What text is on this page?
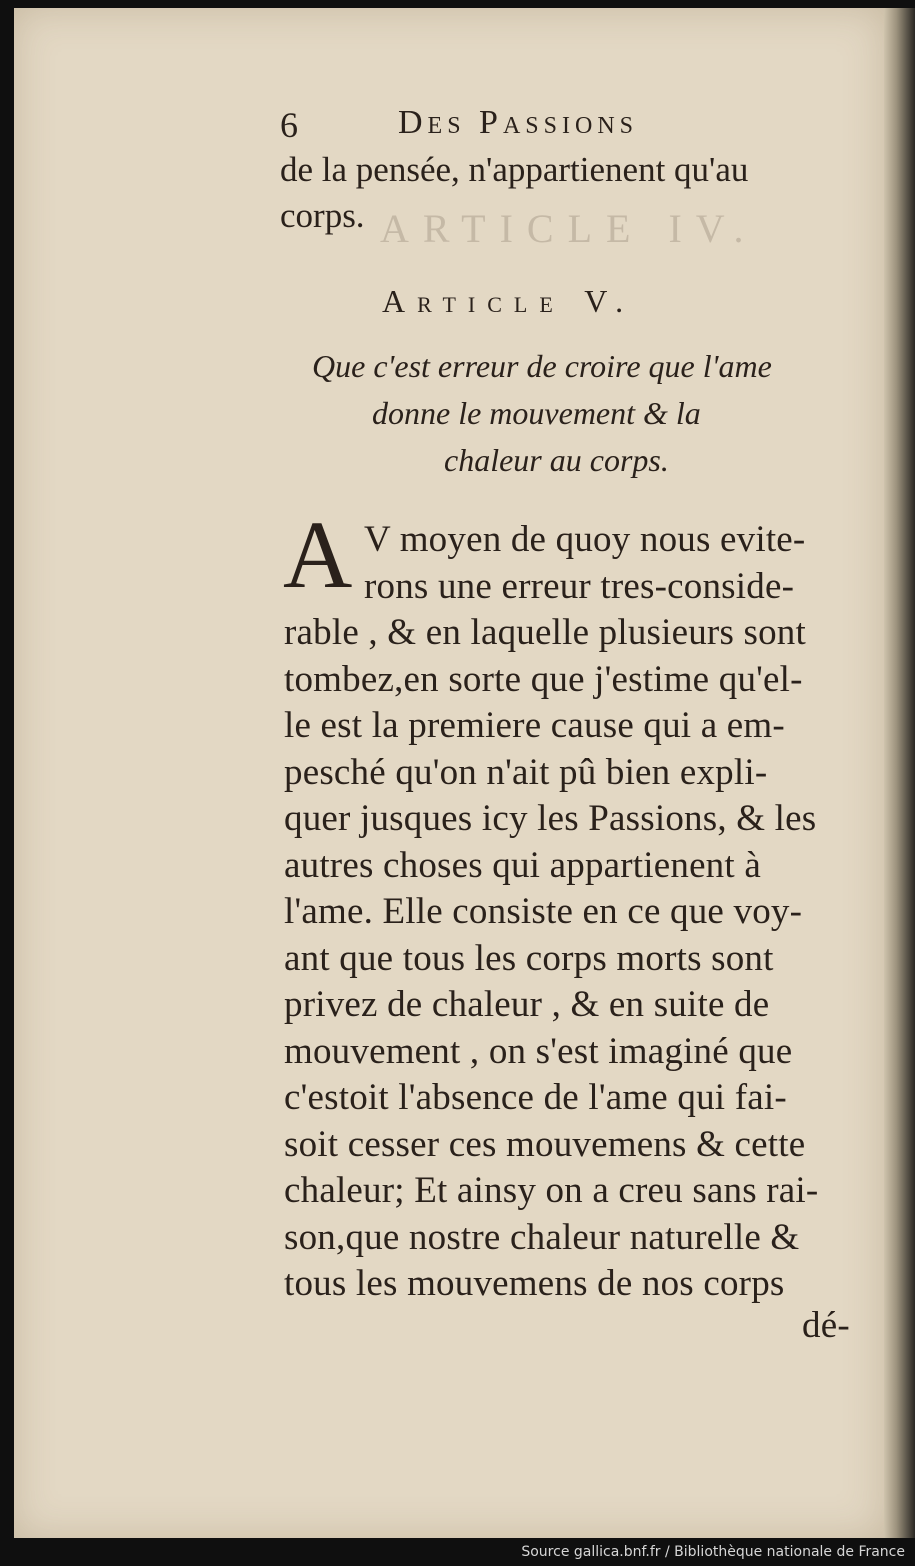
ARTICLE IV.
6	Des Passions
de la pensée, n'appartienent qu'au
corps.
Article V.
Que c'est erreur de croire que l'ame
donne le mouvement & la
chaleur au corps.
A V moyen de quoy nous evite-
rons une erreur tres-conside-
rable , & en laquelle plusieurs sont
tombez,en sorte que j'estime qu'el-
le est la premiere cause qui a em-
pesché qu'on n'ait pû bien expli-
quer jusques icy les Passions, & les
autres choses qui appartienent à
l'ame. Elle consiste en ce que voy-
ant que tous les corps morts sont
privez de chaleur , & en suite de
mouvement , on s'est imaginé que
c'estoit l'absence de l'ame qui fai-
soit cesser ces mouvemens & cette
chaleur; Et ainsy on a creu sans rai-
son,que nostre chaleur naturelle &
tous les mouvemens de nos corps
dé-
Source gallica.bnf.fr / Bibliothèque nationale de France
